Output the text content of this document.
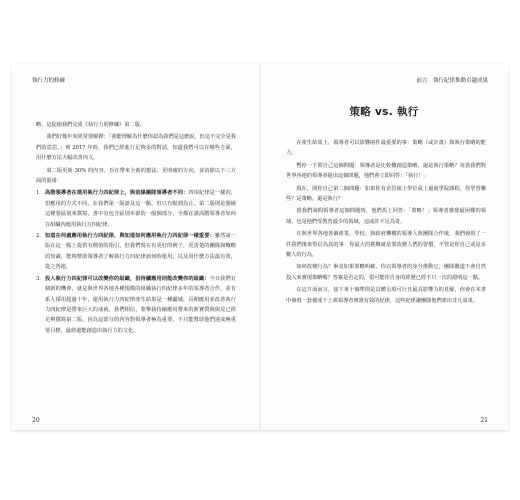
執行力的修練

略，這促使我們完成《執行力的修練》第二版。

我們好幾年來經常要解釋：「我能理解為什麼你認為我們是這麼說，但這不完全是我們的意思。」到 2017 年時，我們已經進行足夠多的對話，知道我們可以在哪些方面，用什麼方法大幅改善內文。

第二版更新 30% 的內容，旨在帶來全新的想法、更明確的方向，並消除以下三方面的混淆：

1. 高階領導者在運用執行力四紀律上，與前線團隊領導者不同：四項紀律是一樣的，但應用的方式不同。在我們第一版談及這一點，但只有點到為止。第二版則是圍繞這條要區別來撰寫，書中有包含區別本節的一般個部分，全都在談高階領導者如何在組織內運用執行力四紀律。
2. 知道在何處應用執行力四紀律，與知道如何應用執行力四紀律一樣重要：雖然第一版在這一點上提供有價值的指引，但我們現在有更好的例子，更清楚的團隊與戰略的知識，能夠幫助領導者了解執行力四紀律該何時運用，以及用什麼方法最有效，從之各地。
3. 投入執行力四紀律可以改變你的組織，但持續應用則能改變你的組織：今日我們有個新的機會，就是與世界各地各種規模的組織執行四紀律多年的領導者合作，並有系人採用超過十年，運用執行力四紀律產生結果是一種疆域，長期應用並改善執行力四紀律是帶來巨大的成就，我們相信，蒙擎我持續應用帶來的新實質與與見已經足夠撰寫第二版，因為這部分的內容對領導者極為重要，不只能幫助他們達成極重要目標，最終還能創造出執行力的文化。
20
前言　執行紀律推動卓越成果
策略 vs. 執行

在產生結果上，領導者可以影響兩件最重要的事：策略（或計畫）與執行策略的能力。

暫停一下問自己這個問題：領導者是比較難創造策略，還是執行策略？每當我們對世界各地的領導者提出這個問題，他們會立即回答：「執行！」

現在，問你自己第二個問題：如果你有企管碩士學位或上過商學院課程，你學習哪些？是策略，還是執行？

當我們詢問領導者這個問題時，他們馬上回答：「策略！」領導者感覺最困難的領域，也是他們受教育最少的領域，這或許不足為奇。

在與世界各地各個產業、學校、與政府機構的領導人與團隊合作後，我們發現了一件我們後來堅信為真的事：你最大的挑戰就是要改變人們的習慣，不管是你自己或是多數人的行為。

如何改變行為？畢竟如果策略明確，你以領導者的身分推動它，團隊難道不會自然投入來實現策略嗎？答案是否定的，很可能你自身的經歷已經不只一次的證明這一點。

在這方面而言，接下來十個準則是具體呈現可行且最具影響力的見解，你會在本書中發現一套被成千上萬領導者實證有效的紀律，這些紀律讓團隊他們產出非凡成果。

21
